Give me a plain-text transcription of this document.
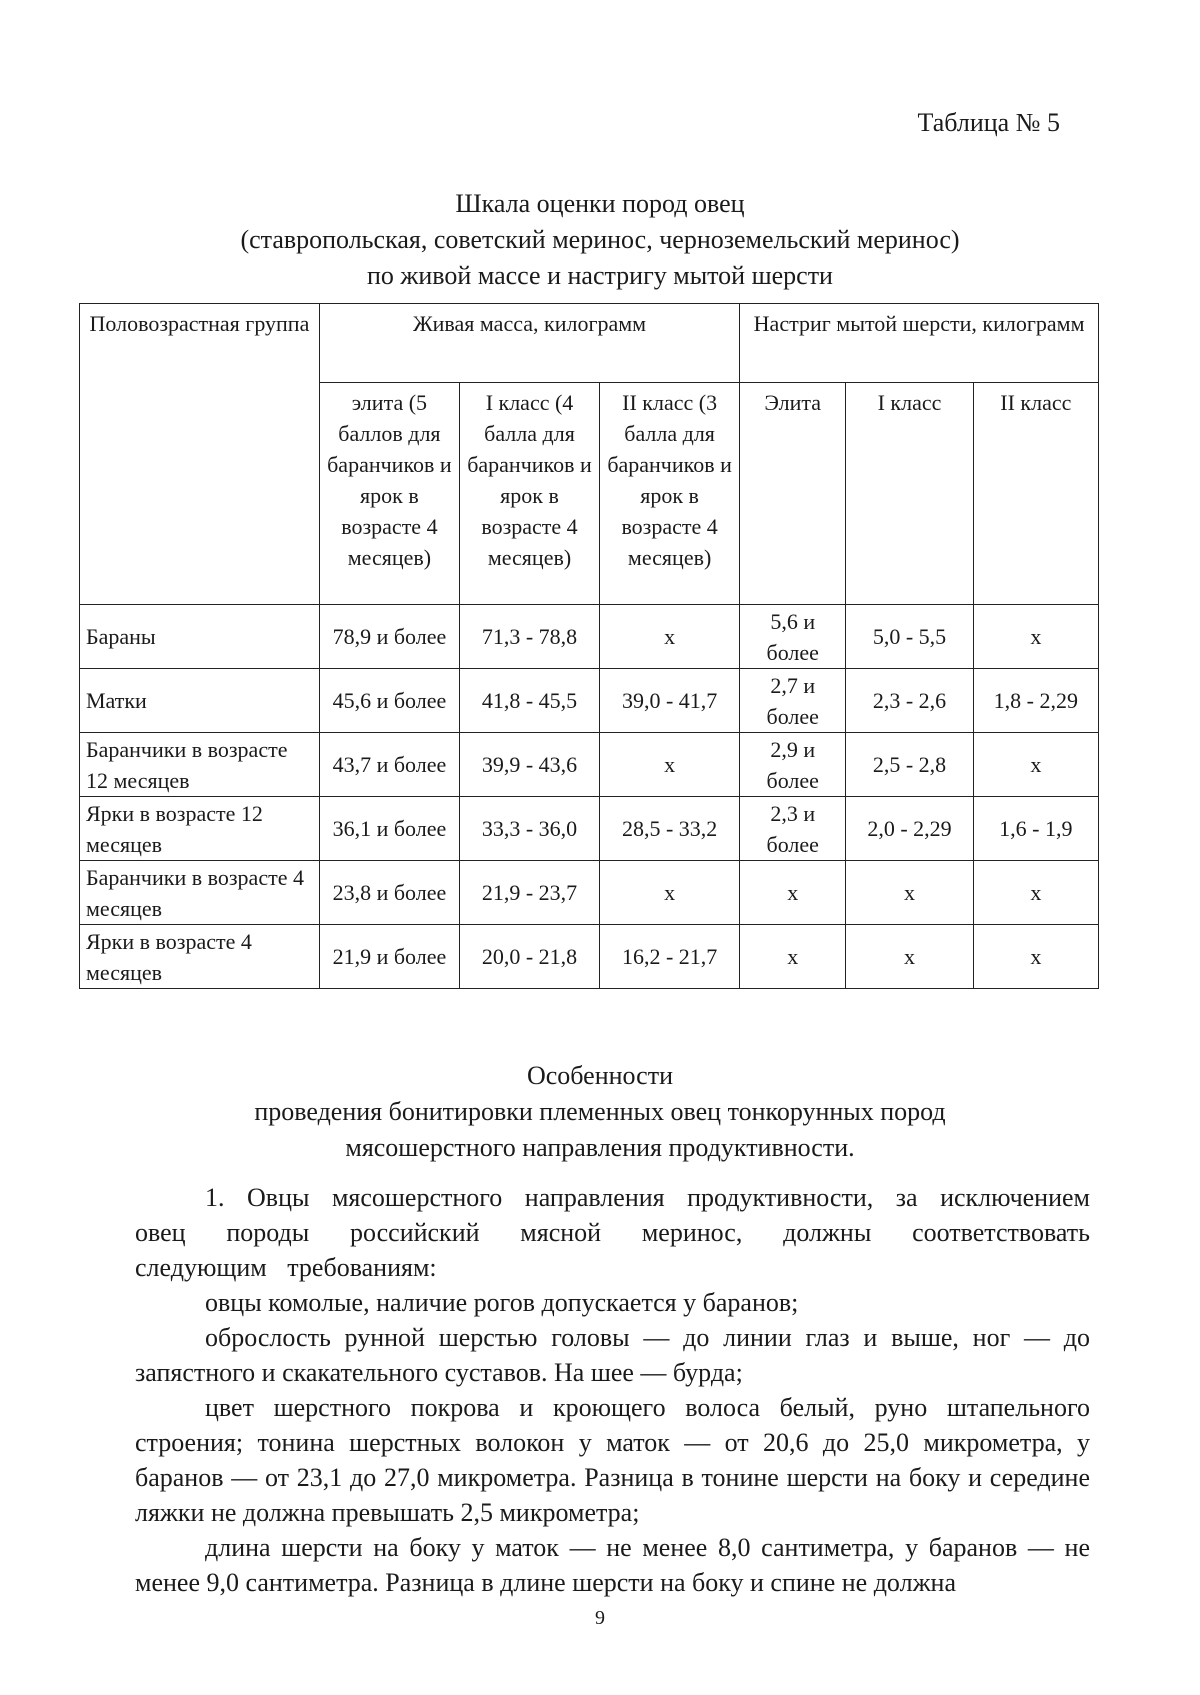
Таблица № 5
Шкала оценки пород овец
(ставропольская, советский меринос, черноземельский меринос)
по живой массе и настригу мытой шерсти
Половозрастная группа	Живая масса, килограмм			Настриг мытой шерсти, килограмм		
	элита (5 баллов для баранчиков и ярок в возрасте 4 месяцев)	I класс (4 балла для баранчиков и ярок в возрасте 4 месяцев)	II класс (3 балла для баранчиков и ярок в возрасте 4 месяцев)	Элита	I класс	II класс
Бараны	78,9 и более	71,3 - 78,8	х	5,6 и более	5,0 - 5,5	х
Матки	45,6 и более	41,8 - 45,5	39,0 - 41,7	2,7 и более	2,3 - 2,6	1,8 - 2,29
Баранчики в возрасте 12 месяцев	43,7 и более	39,9 - 43,6	х	2,9 и более	2,5 - 2,8	х
Ярки в возрасте 12 месяцев	36,1 и более	33,3 - 36,0	28,5 - 33,2	2,3 и более	2,0 - 2,29	1,6 - 1,9
Баранчики в возрасте 4 месяцев	23,8 и более	21,9 - 23,7	х	х	х	х
Ярки в возрасте 4 месяцев	21,9 и более	20,0 - 21,8	16,2 - 21,7	х	х	х
Особенности
проведения бонитировки племенных овец тонкорунных пород
мясошерстного направления продуктивности.

1. Овцы мясошерстного направления продуктивности, за исключением овец породы российский мясной меринос, должны соответствовать следующим требованиям:

овцы комолые, наличие рогов допускается у баранов;

оброслость рунной шерстью головы — до линии глаз и выше, ног — до запястного и скакательного суставов. На шее — бурда;

цвет шерстного покрова и кроющего волоса белый, руно штапельного строения; тонина шерстных волокон у маток — от 20,6 до 25,0 микрометра, у баранов — от 23,1 до 27,0 микрометра. Разница в тонине шерсти на боку и середине ляжки не должна превышать 2,5 микрометра;

длина шерсти на боку у маток — не менее 8,0 сантиметра, у баранов — не менее 9,0 сантиметра. Разница в длине шерсти на боку и спине не должна

9
